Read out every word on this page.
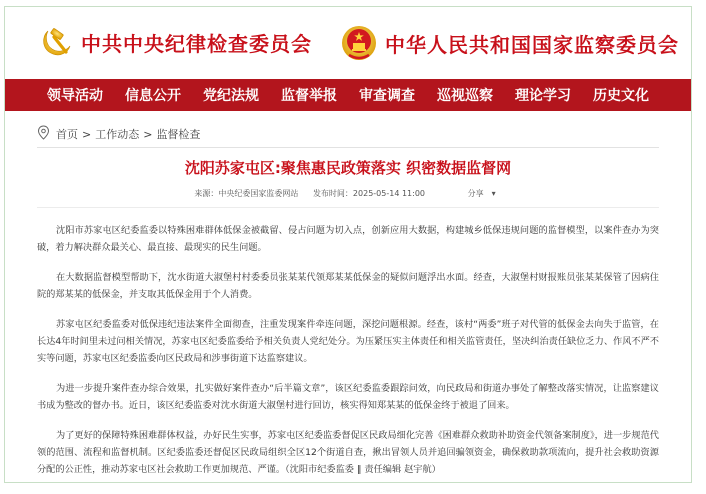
中共中央纪律检查委员会	中华人民共和国国家监察委员会
领导活动	信息公开	党纪法规	监督举报	审查调查	巡视巡察	理论学习	历史文化
首页 > 工作动态 > 监督检查
沈阳苏家屯区:聚焦惠民政策落实 织密数据监督网
来源：中央纪委国家监委网站 发布时间：2025-05-14 11:00	分享 ▾

沈阳市苏家屯区纪委监委以特殊困难群体低保金被截留、侵占问题为切入点，创新应用大数据，构建城乡低保违规问题的监督模型，以案件查办为突破，着力解决群众最关心、最直接、最现实的民生问题。

在大数据监督模型帮助下，沈水街道大淑堡村村委委员张某某代领郑某某低保金的疑似问题浮出水面。经查，大淑堡村财报账员张某某保管了因病住院的郑某某的低保金，并支取其低保金用于个人消费。

苏家屯区纪委监委对低保违纪违法案件全面彻查，注重发现案件牵连问题，深挖问题根源。经查，该村“两委”班子对代管的低保金去向失于监管，在长达4年时间里未过问相关情况，苏家屯区纪委监委给予相关负责人党纪处分。为压紧压实主体责任和相关监管责任，坚决纠治责任缺位乏力、作风不严不实等问题，苏家屯区纪委监委向区民政局和涉事街道下达监察建议。

为进一步提升案件查办综合效果，扎实做好案件查办“后半篇文章”，该区纪委监委跟踪问效，向民政局和街道办事处了解整改落实情况，让监察建议书成为整改的督办书。近日，该区纪委监委对沈水街道大淑堡村进行回访，核实得知郑某某的低保金终于被退了回来。

为了更好的保障特殊困难群体权益，办好民生实事，苏家屯区纪委监委督促区民政局细化完善《困难群众救助补助资金代领备案制度》，进一步规范代领的范围、流程和监督机制。区纪委监委还督促区民政局组织全区12个街道自查，揪出冒领人员并追回骗领资金，确保救助款项流向，提升社会救助资源分配的公正性，推动苏家屯区社会救助工作更加规范、严谨。（沈阳市纪委监委 ‖ 责任编辑 赵宇航）
